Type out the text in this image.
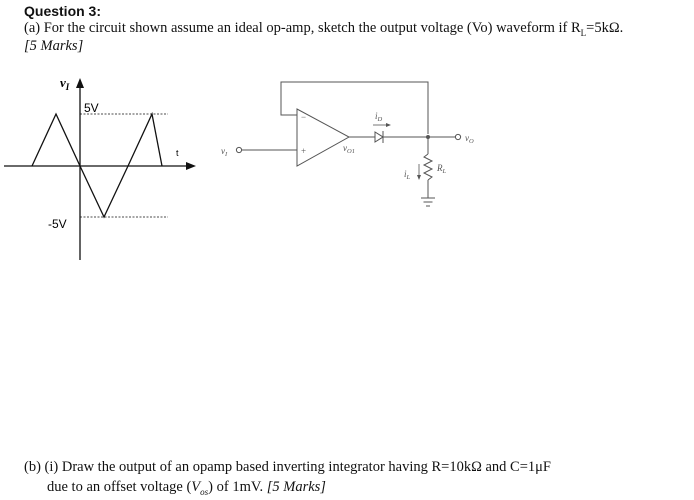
Question 3:
(a) For the circuit shown assume an ideal op-amp, sketch the output voltage (Vo) waveform if $R_L=5k\Omega$.
[5 Marks]
$v_I$
t
5V
-5V
$v_I$
−
+	$v_{O1}$
$i_D$
$v_O$
$R_L$
$i_L$
(b) (i) Draw the output of an opamp based inverting integrator having R=10kΩ and C=1μF
due to an offset voltage $(V_{os})$ of 1mV. [5 Marks]
